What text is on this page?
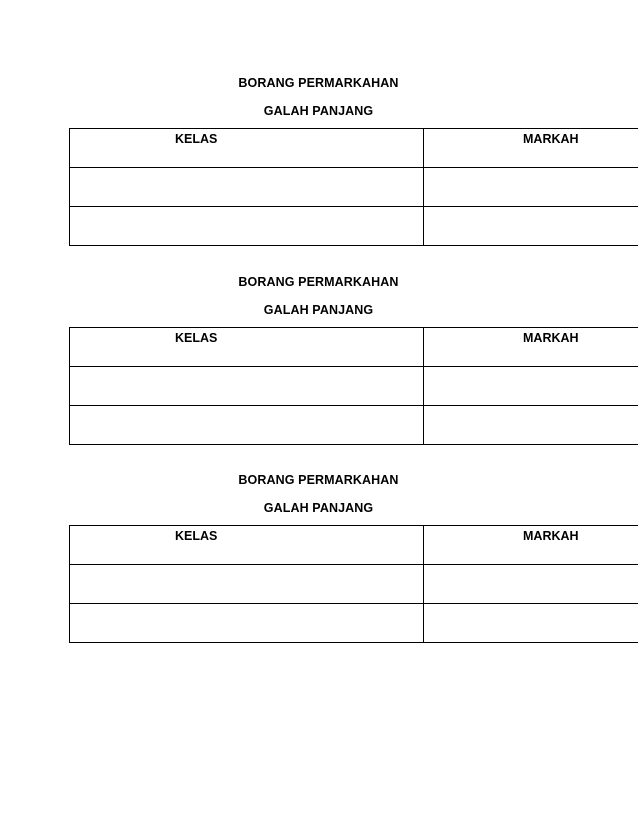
BORANG PERMARKAHAN
GALAH PANJANG
KELAS	MARKAH

BORANG PERMARKAHAN
GALAH PANJANG
KELAS	MARKAH

BORANG PERMARKAHAN
GALAH PANJANG
KELAS	MARKAH
